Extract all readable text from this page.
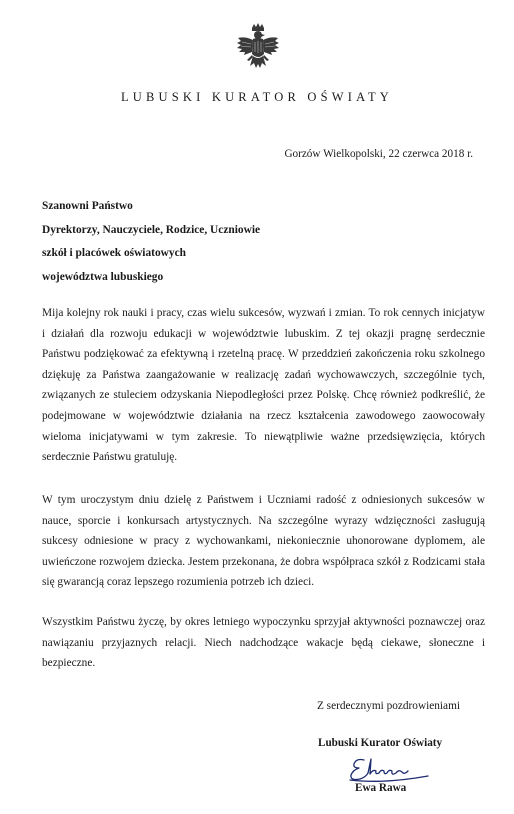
LUBUSKI KURATOR OŚWIATY
Gorzów Wielkopolski, 22 czerwca 2018 r.
Szanowni Państwo
Dyrektorzy, Nauczyciele, Rodzice, Uczniowie
szkół i placówek oświatowych
województwa lubuskiego
Mija kolejny rok nauki i pracy, czas wielu sukcesów, wyzwań i zmian. To rok cennych inicjatyw i działań dla rozwoju edukacji w województwie lubuskim. Z tej okazji pragnę serdecznie Państwu podziękować za efektywną i rzetelną pracę. W przeddzień zakończenia roku szkolnego dziękuję za Państwa zaangażowanie w realizację zadań wychowawczych, szczególnie tych, związanych ze stuleciem odzyskania Niepodległości przez Polskę. Chcę również podkreślić, że podejmowane w województwie działania na rzecz kształcenia zawodowego zaowocowały wieloma inicjatywami w tym zakresie. To niewątpliwie ważne przedsięwzięcia, których serdecznie Państwu gratuluję.
W tym uroczystym dniu dzielę z Państwem i Uczniami radość z odniesionych sukcesów w nauce, sporcie i konkursach artystycznych. Na szczególne wyrazy wdzięczności zasługują sukcesy odniesione w pracy z wychowankami, niekoniecznie uhonorowane dyplomem, ale uwieńczone rozwojem dziecka. Jestem przekonana, że dobra współpraca szkół z Rodzicami stała się gwarancją coraz lepszego rozumienia potrzeb ich dzieci.
Wszystkim Państwu życzę, by okres letniego wypoczynku sprzyjał aktywności poznawczej oraz nawiązaniu przyjaznych relacji. Niech nadchodzące wakacje będą ciekawe, słoneczne i bezpieczne.
Z serdecznymi pozdrowieniami
Lubuski Kurator Oświaty
Ewa Rawa
